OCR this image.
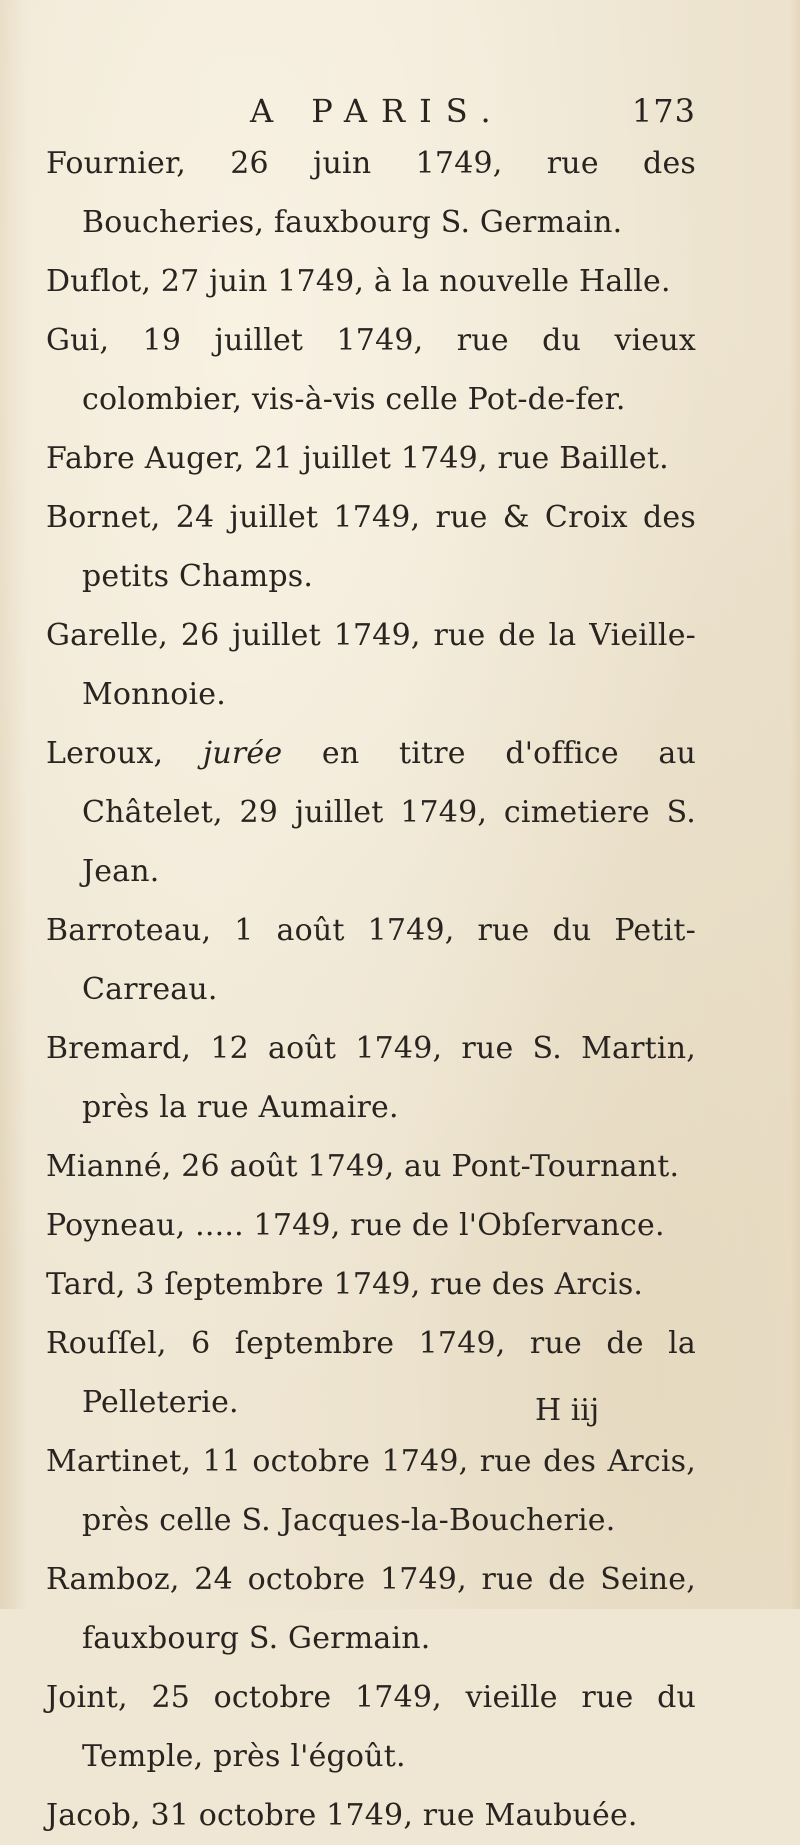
A PARIS.	173

Fournier, 26 juin 1749, rue des Boucheries, fauxbourg S. Germain.

Duflot, 27 juin 1749, à la nouvelle Halle.

Gui, 19 juillet 1749, rue du vieux colombier, vis-à-vis celle Pot-de-fer.

Fabre Auger, 21 juillet 1749, rue Baillet.

Bornet, 24 juillet 1749, rue & Croix des petits Champs.

Garelle, 26 juillet 1749, rue de la Vieille-Monnoie.

Leroux, jurée en titre d'office au Châtelet, 29 juillet 1749, cimetiere S. Jean.

Barroteau, 1 août 1749, rue du Petit-Carreau.

Bremard, 12 août 1749, rue S. Martin, près la rue Aumaire.

Mianné, 26 août 1749, au Pont-Tournant.

Poyneau, ..... 1749, rue de l'Obſervance.

Tard, 3 ſeptembre 1749, rue des Arcis.

Rouſſel, 6 ſeptembre 1749, rue de la Pelleterie.

Martinet, 11 octobre 1749, rue des Arcis, près celle S. Jacques-la-Boucherie.

Ramboz, 24 octobre 1749, rue de Seine, fauxbourg S. Germain.

Joint, 25 octobre 1749, vieille rue du Temple, près l'égoût.

Jacob, 31 octobre 1749, rue Maubuée.

H iij
